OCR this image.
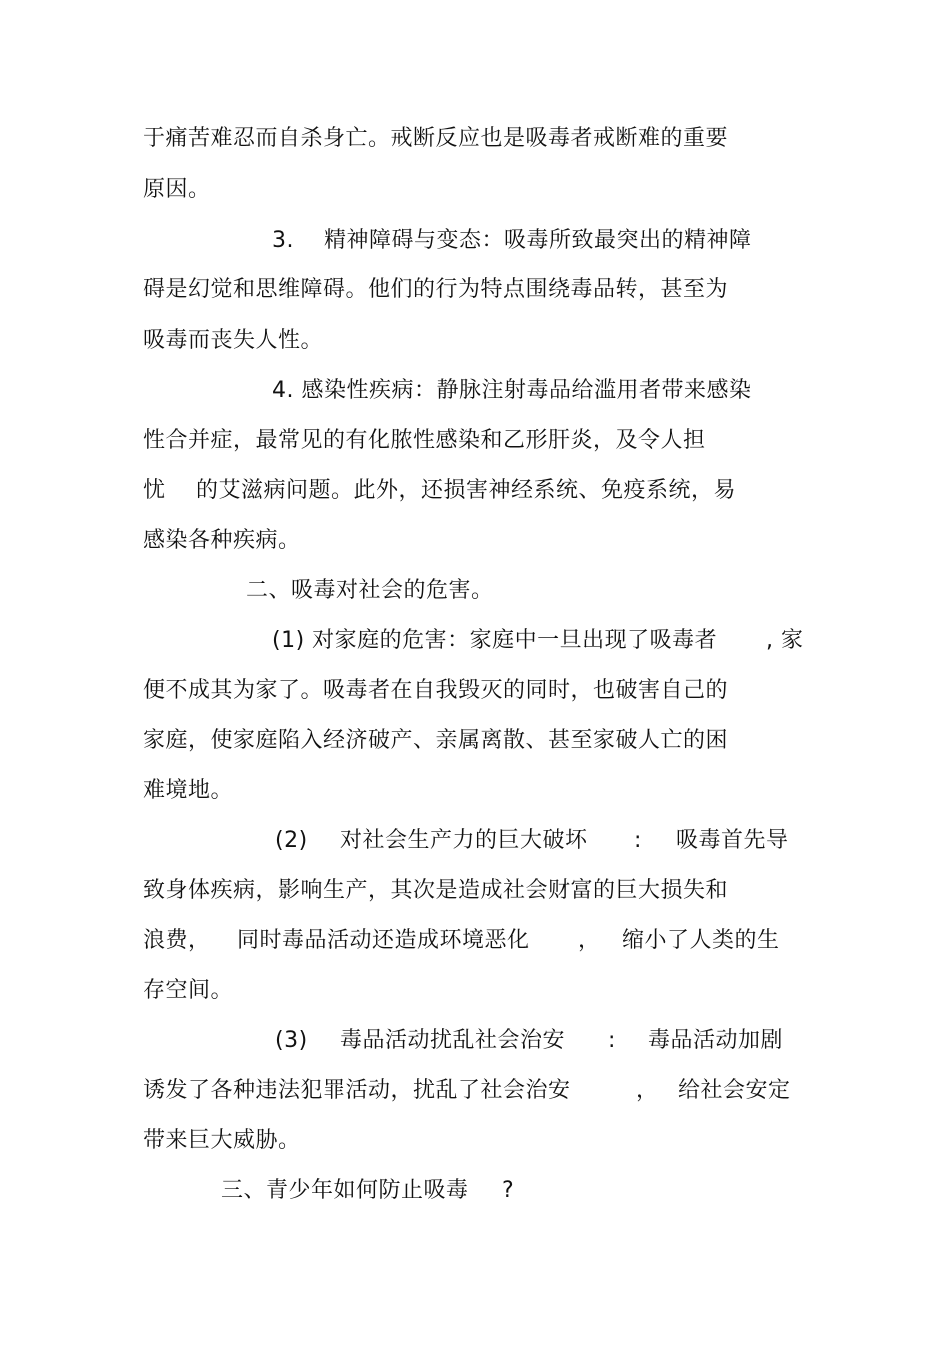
于痛苦难忍而自杀身亡。戒断反应也是吸毒者戒断难的重要
原因。
3. 精神障碍与变态：吸毒所致最突出的精神障
碍是幻觉和思维障碍。他们的行为特点围绕毒品转，甚至为
吸毒而丧失人性。
4. 感染性疾病：静脉注射毒品给滥用者带来感染
性合并症，最常见的有化脓性感染和乙形肝炎，及令人担
忧 的艾滋病问题。此外，还损害神经系统、免疫系统，易
感染各种疾病。
二、吸毒对社会的危害。
(1) 对家庭的危害：家庭中一旦出现了吸毒者 , 家
便不成其为家了。吸毒者在自我毁灭的同时，也破害自己的
家庭，使家庭陷入经济破产、亲属离散、甚至家破人亡的困
难境地。
(2) 对社会生产力的巨大破坏 : 吸毒首先导
致身体疾病，影响生产，其次是造成社会财富的巨大损失和
浪费， 同时毒品活动还造成环境恶化 ， 缩小了人类的生
存空间。
(3) 毒品活动扰乱社会治安 : 毒品活动加剧
诱发了各种违法犯罪活动，扰乱了社会治安	， 给社会安定
带来巨大威胁。
三、青少年如何防止吸毒 ?
